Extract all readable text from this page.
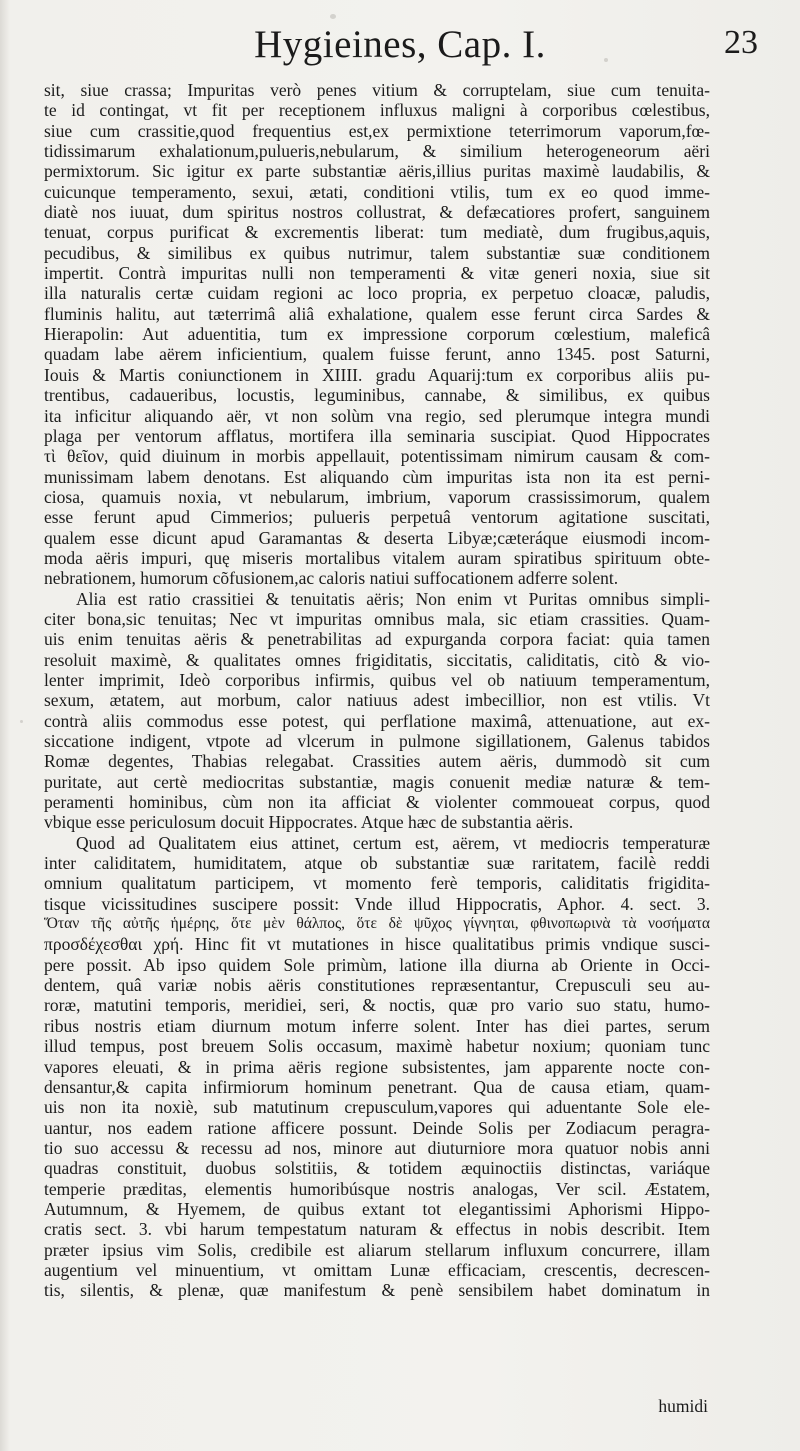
Hygieines, Cap. I.	23
sit, siue crassa; Impuritas verò penes vitium & corruptelam, siue cum tenuita-
te id contingat, vt fit per receptionem influxus maligni à corporibus cœlestibus,
siue cum crassitie,quod frequentius est,ex permixtione teterrimorum vaporum,fœ-
tidissimarum exhalationum,pulueris,nebularum, & similium heterogeneorum aëri
permixtorum. Sic igitur ex parte substantiæ aëris,illius puritas maximè laudabilis, &
cuicunque temperamento, sexui, ætati, conditioni vtilis, tum ex eo quod imme-
diatè nos iuuat, dum spiritus nostros collustrat, & defæcatiores profert, sanguinem
tenuat, corpus purificat & excrementis liberat: tum mediatè, dum frugibus,aquis,
pecudibus, & similibus ex quibus nutrimur, talem substantiæ suæ conditionem
impertit. Contrà impuritas nulli non temperamenti & vitæ generi noxia, siue sit
illa naturalis certæ cuidam regioni ac loco propria, ex perpetuo cloacæ, paludis,
fluminis halitu, aut tæterrimâ aliâ exhalatione, qualem esse ferunt circa Sardes &
Hierapolin: Aut aduentitia, tum ex impressione corporum cœlestium, maleficâ
quadam labe aërem inficientium, qualem fuisse ferunt, anno 1345. post Saturni,
Iouis & Martis coniunctionem in XIIII. gradu Aquarij:tum ex corporibus aliis pu-
trentibus, cadaueribus, locustis, leguminibus, cannabe, & similibus, ex quibus
ita inficitur aliquando aër, vt non solùm vna regio, sed plerumque integra mundi
plaga per ventorum afflatus, mortifera illa seminaria suscipiat. Quod Hippocrates
τὶ θεῖον, quid diuinum in morbis appellauit, potentissimam nimirum causam & com-
munissimam labem denotans. Est aliquando cùm impuritas ista non ita est perni-
ciosa, quamuis noxia, vt nebularum, imbrium, vaporum crassissimorum, qualem
esse ferunt apud Cimmerios; pulueris perpetuâ ventorum agitatione suscitati,
qualem esse dicunt apud Garamantas & deserta Libyæ;cæteráque eiusmodi incom-
moda aëris impuri, quę miseris mortalibus vitalem auram spiratibus spirituum obte-
nebrationem, humorum cõfusionem,ac caloris natiui suffocationem adferre solent.
Alia est ratio crassitiei & tenuitatis aëris; Non enim vt Puritas omnibus simpli-
citer bona,sic tenuitas; Nec vt impuritas omnibus mala, sic etiam crassities. Quam-
uis enim tenuitas aëris & penetrabilitas ad expurganda corpora faciat: quia tamen
resoluit maximè, & qualitates omnes frigiditatis, siccitatis, caliditatis, citò & vio-
lenter imprimit, Ideò corporibus infirmis, quibus vel ob natiuum temperamentum,
sexum, ætatem, aut morbum, calor natiuus adest imbecillior, non est vtilis. Vt
contrà aliis commodus esse potest, qui perflatione maximâ, attenuatione, aut ex-
siccatione indigent, vtpote ad vlcerum in pulmone sigillationem, Galenus tabidos
Romæ degentes, Thabias relegabat. Crassities autem aëris, dummodò sit cum
puritate, aut certè mediocritas substantiæ, magis conuenit mediæ naturæ & tem-
peramenti hominibus, cùm non ita afficiat & violenter commoueat corpus, quod
vbique esse periculosum docuit Hippocrates. Atque hæc de substantia aëris.
Quod ad Qualitatem eius attinet, certum est, aërem, vt mediocris temperaturæ
inter caliditatem, humiditatem, atque ob substantiæ suæ raritatem, facilè reddi
omnium qualitatum participem, vt momento ferè temporis, caliditatis frigidita-
tisque vicissitudines suscipere possit: Vnde illud Hippocratis, Aphor. 4. sect. 3.
Ὅταν τῆς αὐτῆς ἡμέρης, ὅτε μὲν θάλπος, ὅτε δὲ ψῦχος γίγνηται, φθινοπωρινὰ τὰ νοσήματα
προσδέχεσθαι χρή. Hinc fit vt mutationes in hisce qualitatibus primis vndique susci-
pere possit. Ab ipso quidem Sole primùm, latione illa diurna ab Oriente in Occi-
dentem, quâ variæ nobis aëris constitutiones repræsentantur, Crepusculi seu au-
roræ, matutini temporis, meridiei, seri, & noctis, quæ pro vario suo statu, humo-
ribus nostris etiam diurnum motum inferre solent. Inter has diei partes, serum
illud tempus, post breuem Solis occasum, maximè habetur noxium; quoniam tunc
vapores eleuati, & in prima aëris regione subsistentes, jam apparente nocte con-
densantur,& capita infirmiorum hominum penetrant. Qua de causa etiam, quam-
uis non ita noxiè, sub matutinum crepusculum,vapores qui aduentante Sole ele-
uantur, nos eadem ratione afficere possunt. Deinde Solis per Zodiacum peragra-
tio suo accessu & recessu ad nos, minore aut diuturniore mora quatuor nobis anni
quadras constituit, duobus solstitiis, & totidem æquinoctiis distinctas, variáque
temperie præditas, elementis humoribúsque nostris analogas, Ver scil. Æstatem,
Autumnum, & Hyemem, de quibus extant tot elegantissimi Aphorismi Hippo-
cratis sect. 3. vbi harum tempestatum naturam & effectus in nobis describit. Item
præter ipsius vim Solis, credibile est aliarum stellarum influxum concurrere, illam
augentium vel minuentium, vt omittam Lunæ efficaciam, crescentis, decrescen-
tis, silentis, & plenæ, quæ manifestum & penè sensibilem habet dominatum in
humidi
